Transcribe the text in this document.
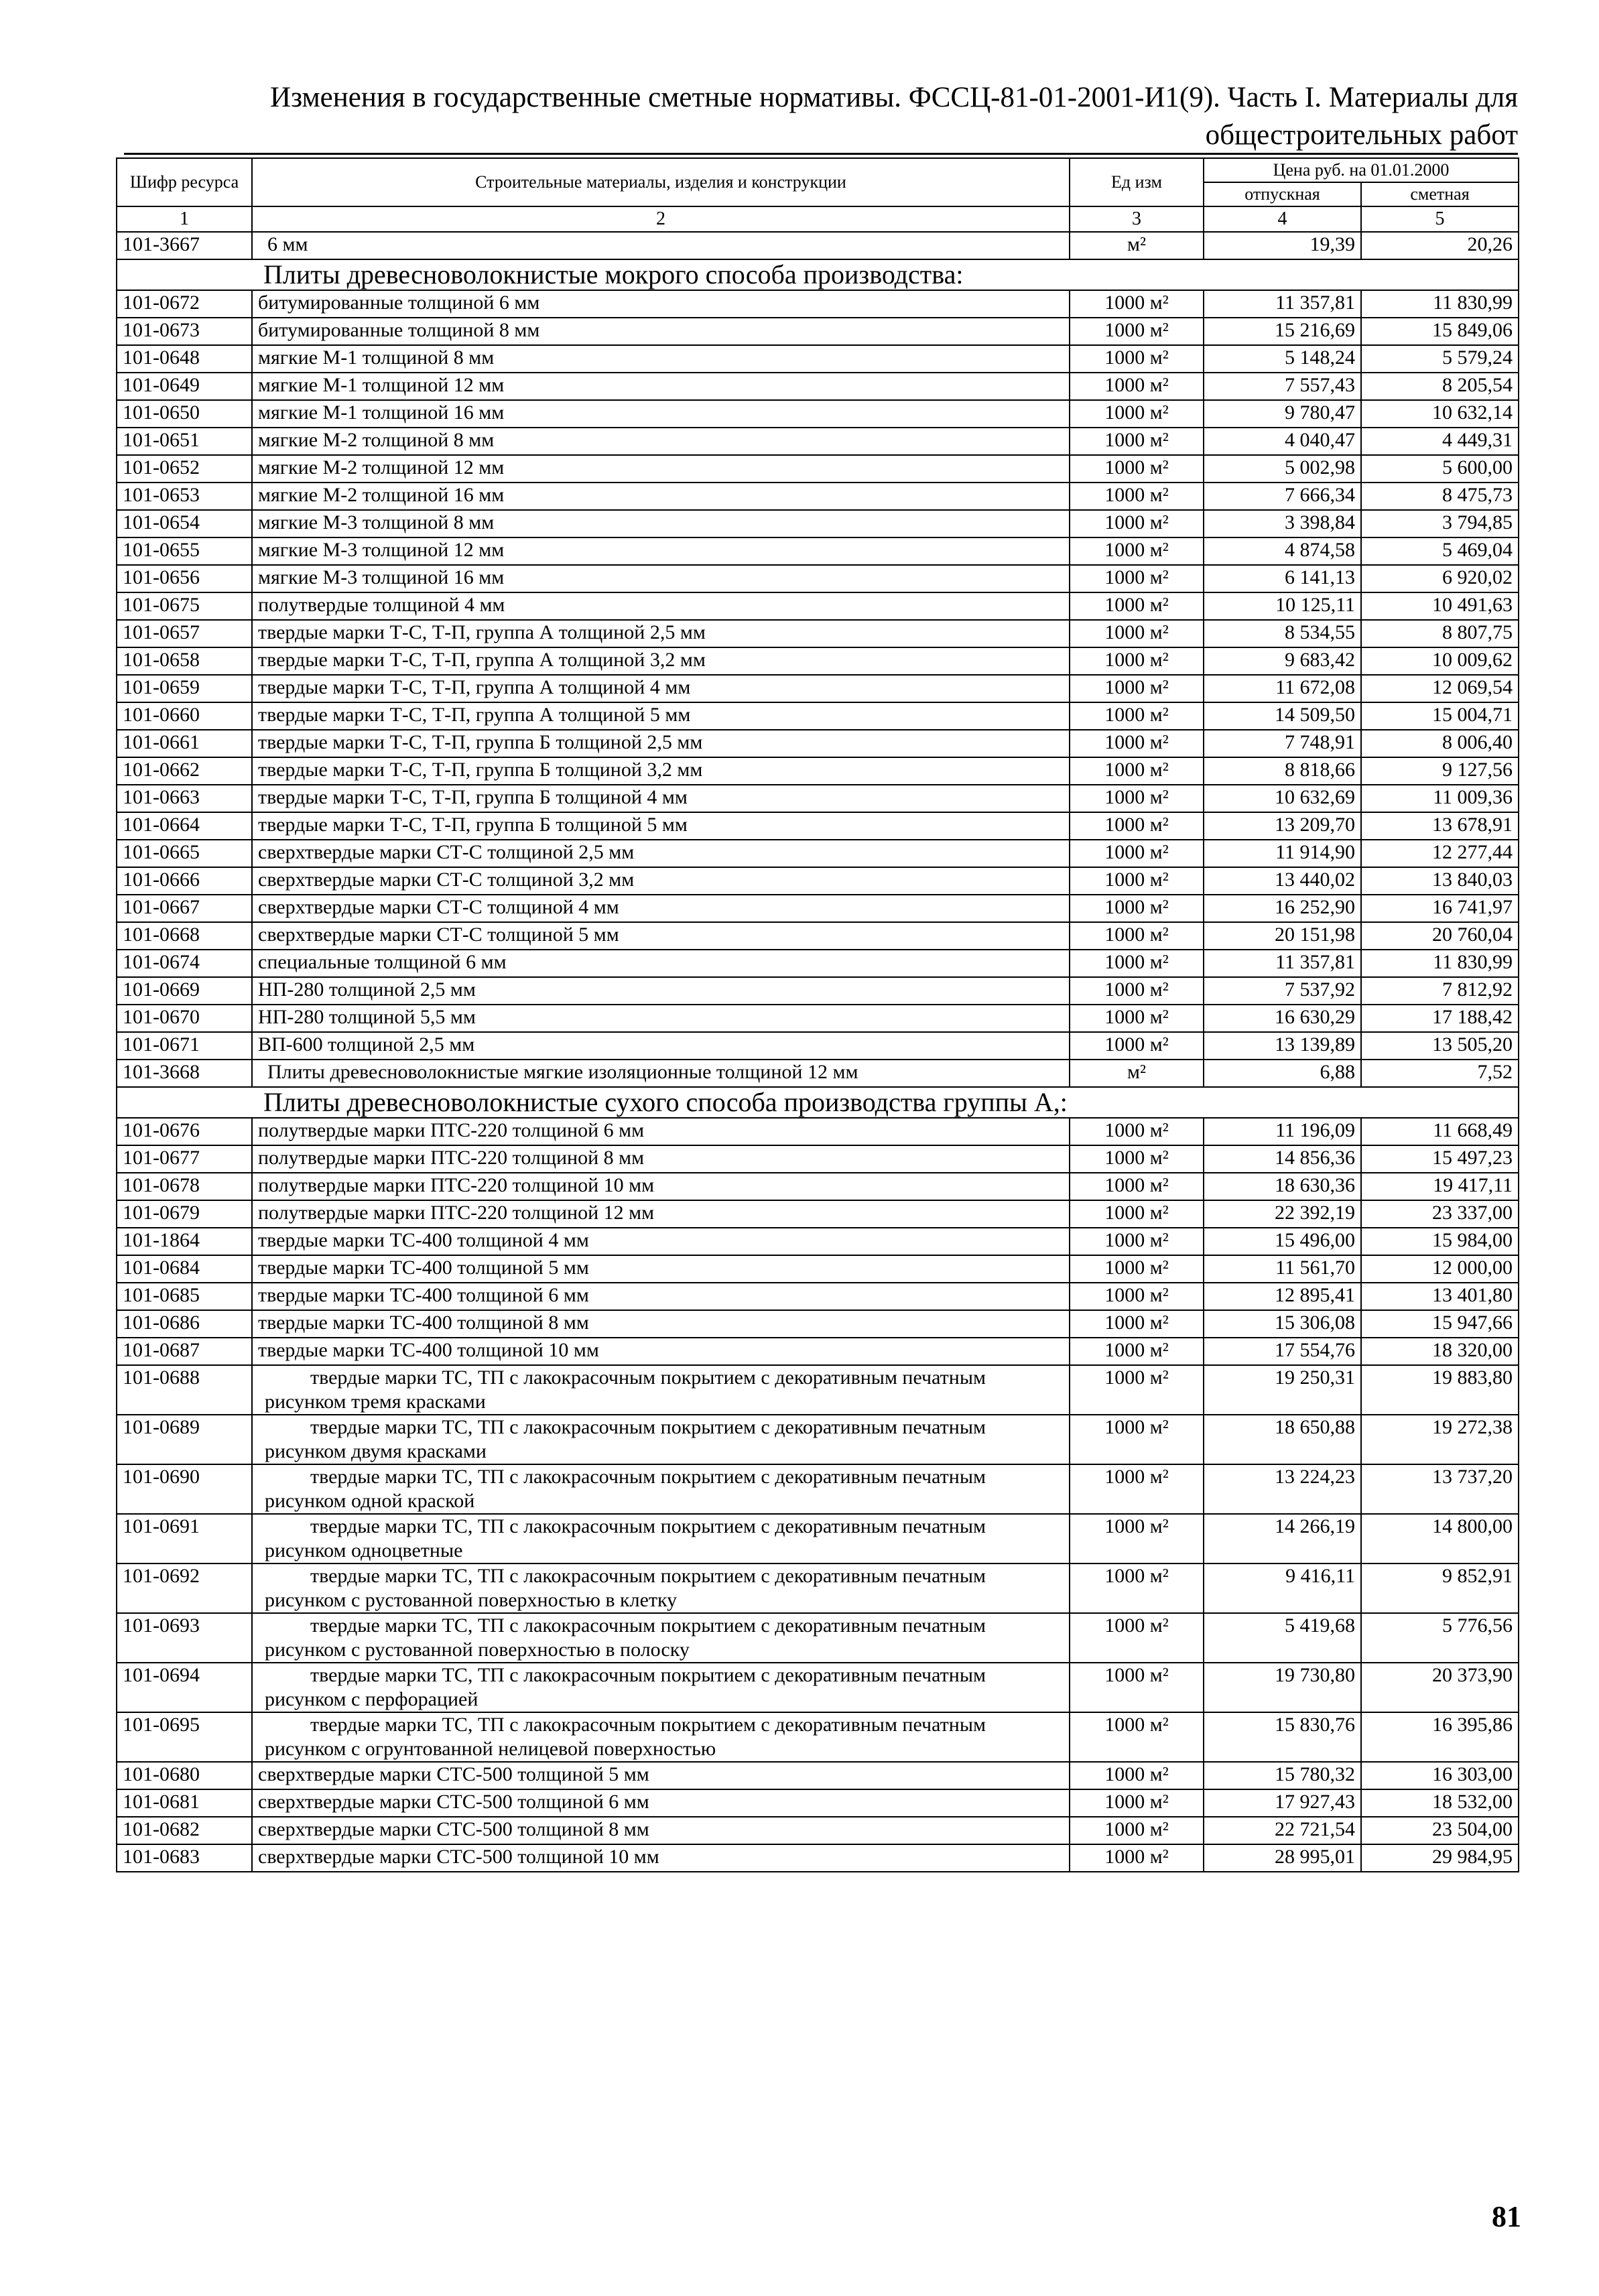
Изменения в государственные сметные нормативы. ФССЦ-81-01-2001-И1(9). Часть I. Материалы для
общестроительных работ
Шифр ресурса	Строительные материалы, изделия и конструкции	Ед изм	Цена руб. на 01.01.2000	
			отпускная	сметная
1	2	3	4	5
101-3667	6 мм	м²	19,39	20,26
Плиты древесноволокнистые мокрого способа производства:				
101-0672	битумированные толщиной 6 мм	1000 м²	11 357,81	11 830,99
101-0673	битумированные толщиной 8 мм	1000 м²	15 216,69	15 849,06
101-0648	мягкие М-1 толщиной 8 мм	1000 м²	5 148,24	5 579,24
101-0649	мягкие М-1 толщиной 12 мм	1000 м²	7 557,43	8 205,54
101-0650	мягкие М-1 толщиной 16 мм	1000 м²	9 780,47	10 632,14
101-0651	мягкие М-2 толщиной 8 мм	1000 м²	4 040,47	4 449,31
101-0652	мягкие М-2 толщиной 12 мм	1000 м²	5 002,98	5 600,00
101-0653	мягкие М-2 толщиной 16 мм	1000 м²	7 666,34	8 475,73
101-0654	мягкие М-3 толщиной 8 мм	1000 м²	3 398,84	3 794,85
101-0655	мягкие М-3 толщиной 12 мм	1000 м²	4 874,58	5 469,04
101-0656	мягкие М-3 толщиной 16 мм	1000 м²	6 141,13	6 920,02
101-0675	полутвердые толщиной 4 мм	1000 м²	10 125,11	10 491,63
101-0657	твердые марки Т-С, Т-П, группа А толщиной 2,5 мм	1000 м²	8 534,55	8 807,75
101-0658	твердые марки Т-С, Т-П, группа А толщиной 3,2 мм	1000 м²	9 683,42	10 009,62
101-0659	твердые марки Т-С, Т-П, группа А толщиной 4 мм	1000 м²	11 672,08	12 069,54
101-0660	твердые марки Т-С, Т-П, группа А толщиной 5 мм	1000 м²	14 509,50	15 004,71
101-0661	твердые марки Т-С, Т-П, группа Б толщиной 2,5 мм	1000 м²	7 748,91	8 006,40
101-0662	твердые марки Т-С, Т-П, группа Б толщиной 3,2 мм	1000 м²	8 818,66	9 127,56
101-0663	твердые марки Т-С, Т-П, группа Б толщиной 4 мм	1000 м²	10 632,69	11 009,36
101-0664	твердые марки Т-С, Т-П, группа Б толщиной 5 мм	1000 м²	13 209,70	13 678,91
101-0665	сверхтвердые марки СТ-С толщиной 2,5 мм	1000 м²	11 914,90	12 277,44
101-0666	сверхтвердые марки СТ-С толщиной 3,2 мм	1000 м²	13 440,02	13 840,03
101-0667	сверхтвердые марки СТ-С толщиной 4 мм	1000 м²	16 252,90	16 741,97
101-0668	сверхтвердые марки СТ-С толщиной 5 мм	1000 м²	20 151,98	20 760,04
101-0674	специальные толщиной 6 мм	1000 м²	11 357,81	11 830,99
101-0669	НП-280 толщиной 2,5 мм	1000 м²	7 537,92	7 812,92
101-0670	НП-280 толщиной 5,5 мм	1000 м²	16 630,29	17 188,42
101-0671	ВП-600 толщиной 2,5 мм	1000 м²	13 139,89	13 505,20
101-3668	Плиты древесноволокнистые мягкие изоляционные толщиной 12 мм	м²	6,88	7,52
Плиты древесноволокнистые сухого способа производства группы А,:				
101-0676	полутвердые марки ПТС-220 толщиной 6 мм	1000 м²	11 196,09	11 668,49
101-0677	полутвердые марки ПТС-220 толщиной 8 мм	1000 м²	14 856,36	15 497,23
101-0678	полутвердые марки ПТС-220 толщиной 10 мм	1000 м²	18 630,36	19 417,11
101-0679	полутвердые марки ПТС-220 толщиной 12 мм	1000 м²	22 392,19	23 337,00
101-1864	твердые марки ТС-400 толщиной 4 мм	1000 м²	15 496,00	15 984,00
101-0684	твердые марки ТС-400 толщиной 5 мм	1000 м²	11 561,70	12 000,00
101-0685	твердые марки ТС-400 толщиной 6 мм	1000 м²	12 895,41	13 401,80
101-0686	твердые марки ТС-400 толщиной 8 мм	1000 м²	15 306,08	15 947,66
101-0687	твердые марки ТС-400 толщиной 10 мм	1000 м²	17 554,76	18 320,00
101-0688	твердые марки ТС, ТП с лакокрасочным покрытием с декоративным печатным рисунком тремя красками	1000 м²	19 250,31	19 883,80
101-0689	твердые марки ТС, ТП с лакокрасочным покрытием с декоративным печатным рисунком двумя красками	1000 м²	18 650,88	19 272,38
101-0690	твердые марки ТС, ТП с лакокрасочным покрытием с декоративным печатным рисунком одной краской	1000 м²	13 224,23	13 737,20
101-0691	твердые марки ТС, ТП с лакокрасочным покрытием с декоративным печатным рисунком одноцветные	1000 м²	14 266,19	14 800,00
101-0692	твердые марки ТС, ТП с лакокрасочным покрытием с декоративным печатным рисунком с рустованной поверхностью в клетку	1000 м²	9 416,11	9 852,91
101-0693	твердые марки ТС, ТП с лакокрасочным покрытием с декоративным печатным рисунком с рустованной поверхностью в полоску	1000 м²	5 419,68	5 776,56
101-0694	твердые марки ТС, ТП с лакокрасочным покрытием с декоративным печатным рисунком с перфорацией	1000 м²	19 730,80	20 373,90
101-0695	твердые марки ТС, ТП с лакокрасочным покрытием с декоративным печатным рисунком с огрунтованной нелицевой поверхностью	1000 м²	15 830,76	16 395,86
101-0680	сверхтвердые марки СТС-500 толщиной 5 мм	1000 м²	15 780,32	16 303,00
101-0681	сверхтвердые марки СТС-500 толщиной 6 мм	1000 м²	17 927,43	18 532,00
101-0682	сверхтвердые марки СТС-500 толщиной 8 мм	1000 м²	22 721,54	23 504,00
101-0683	сверхтвердые марки СТС-500 толщиной 10 мм	1000 м²	28 995,01	29 984,95
81
